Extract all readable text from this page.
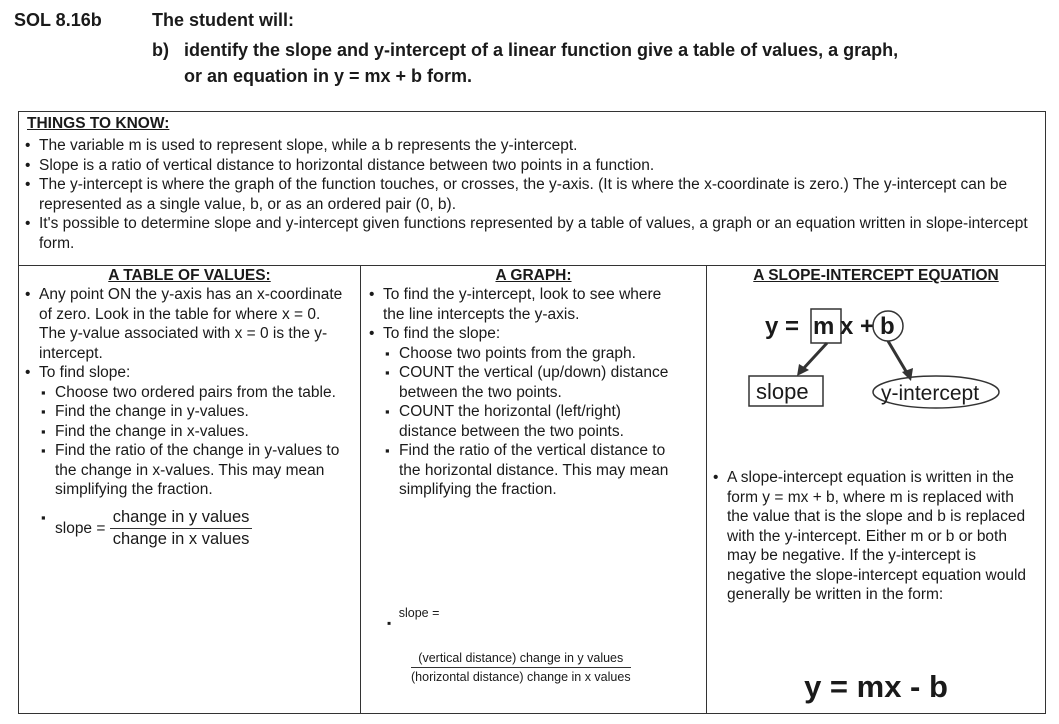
SOL 8.16b	The student will:
b) identify the slope and y-intercept of a linear function give a table of values, a graph,
or an equation in y = mx + b form.
THINGS TO KNOW:
• The variable m is used to represent slope, while a b represents the y-intercept.
• Slope is a ratio of vertical distance to horizontal distance between two points in a function.
• The y-intercept is where the graph of the function touches, or crosses, the y-axis. (It is where the x-coordinate is zero.) The y-intercept can be represented as a single value, b, or as an ordered pair (0, b).
• It's possible to determine slope and y-intercept given functions represented by a table of values, a graph or an equation written in slope-intercept form.
A TABLE OF VALUES:
• Any point ON the y-axis has an x-coordinate of zero. Look in the table for where x = 0. The y-value associated with x = 0 is the y-intercept.
• To find slope:
▪ Choose two ordered pairs from the table.
▪ Find the change in y-values.
▪ Find the change in x-values.
▪ Find the ratio of the change in y-values to the change in x-values. This may mean simplifying the fraction.
▪ slope = $\frac{\text{change in y values}}{\text{change in x values}}$
A GRAPH:
• To find the y-intercept, look to see where the line intercepts the y-axis.
• To find the slope:
▪ Choose two points from the graph.
▪ COUNT the vertical (up/down) distance between the two points.
▪ COUNT the horizontal (left/right) distance between the two points.
▪ Find the ratio of the vertical distance to the horizontal distance. This may mean simplifying the fraction.
▪ slope =
(vertical distance) change in y values
(horizontal distance) change in x values
A SLOPE-INTERCEPT EQUATION
y = m x + b
slope	y-intercept
• A slope-intercept equation is written in the form y = mx + b, where m is replaced with the value that is the slope and b is replaced with the y-intercept. Either m or b or both may be negative. If the y-intercept is negative the slope-intercept equation would generally be written in the form:
y = mx - b
